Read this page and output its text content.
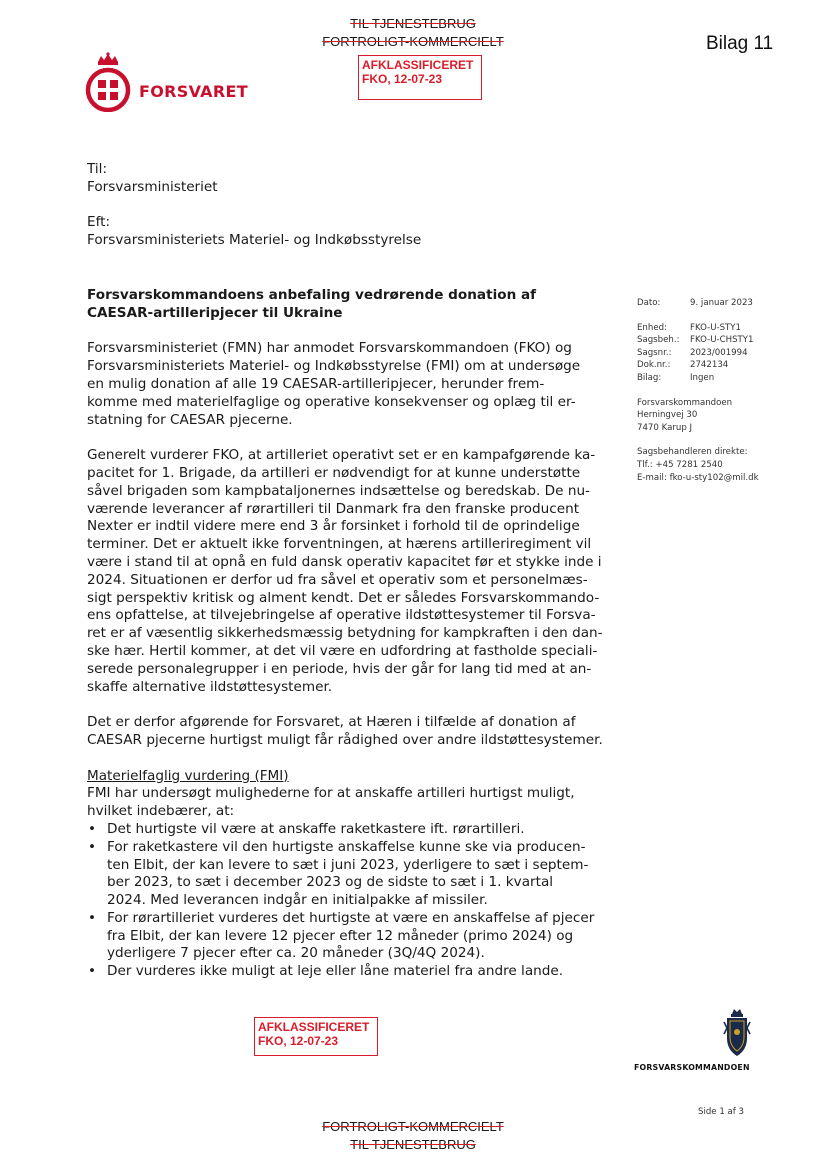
TIL TJENESTEBRUG
FORTROLIGT-KOMMERCIELT
AFKLASSIFICERET
FKO, 12-07-23
Bilag 11
FORSVARET
Til:
Forsvarsministeriet
Eft:
Forsvarsministeriets Materiel- og Indkøbsstyrelse
Dato:	9. januar 2023
Enhed:	FKO-U-STY1
Sagsbeh.:	FKO-U-CHSTY1
Sagsnr.:	2023/001994
Dok.nr.:	2742134
Bilag:	Ingen
Forsvarskommandoen
Herningvej 30
7470 Karup J
Sagsbehandleren direkte:
Tlf.: +45 7281 2540
E-mail: fko-u-sty102@mil.dk
Forsvarskommandoens anbefaling vedrørende donation af
CAESAR-artilleripjecer til Ukraine
Forsvarsministeriet (FMN) har anmodet Forsvarskommandoen (FKO) og
Forsvarsministeriets Materiel- og Indkøbsstyrelse (FMI) om at undersøge
en mulig donation af alle 19 CAESAR-artilleripjecer, herunder frem-
komme med materielfaglige og operative konsekvenser og oplæg til er-
statning for CAESAR pjecerne.
Generelt vurderer FKO, at artilleriet operativt set er en kampafgørende ka-
pacitet for 1. Brigade, da artilleri er nødvendigt for at kunne understøtte
såvel brigaden som kampbataljonernes indsættelse og beredskab. De nu-
værende leverancer af rørartilleri til Danmark fra den franske producent
Nexter er indtil videre mere end 3 år forsinket i forhold til de oprindelige
terminer. Det er aktuelt ikke forventningen, at hærens artilleriregiment vil
være i stand til at opnå en fuld dansk operativ kapacitet før et stykke inde i
2024. Situationen er derfor ud fra såvel et operativ som et personelmæs-
sigt perspektiv kritisk og alment kendt. Det er således Forsvarskommando-
ens opfattelse, at tilvejebringelse af operative ildstøttesystemer til Forsva-
ret er af væsentlig sikkerhedsmæssig betydning for kampkraften i den dan-
ske hær. Hertil kommer, at det vil være en udfordring at fastholde speciali-
serede personalegrupper i en periode, hvis der går for lang tid med at an-
skaffe alternative ildstøttesystemer.
Det er derfor afgørende for Forsvaret, at Hæren i tilfælde af donation af
CAESAR pjecerne hurtigst muligt får rådighed over andre ildstøttesystemer.
Materielfaglig vurdering (FMI)
FMI har undersøgt mulighederne for at anskaffe artilleri hurtigst muligt,
hvilket indebærer, at:
• Det hurtigste vil være at anskaffe raketkastere ift. rørartilleri.
• For raketkastere vil den hurtigste anskaffelse kunne ske via producen-
ten Elbit, der kan levere to sæt i juni 2023, yderligere to sæt i septem-
ber 2023, to sæt i december 2023 og de sidste to sæt i 1. kvartal
2024. Med leverancen indgår en initialpakke af missiler.
• For rørartilleriet vurderes det hurtigste at være en anskaffelse af pjecer
fra Elbit, der kan levere 12 pjecer efter 12 måneder (primo 2024) og
yderligere 7 pjecer efter ca. 20 måneder (3Q/4Q 2024).
• Der vurderes ikke muligt at leje eller låne materiel fra andre lande.
AFKLASSIFICERET
FKO, 12-07-23
FORSVARSKOMMANDOEN
Side 1 af 3
FORTROLIGT-KOMMERCIELT
TIL TJENESTEBRUG
